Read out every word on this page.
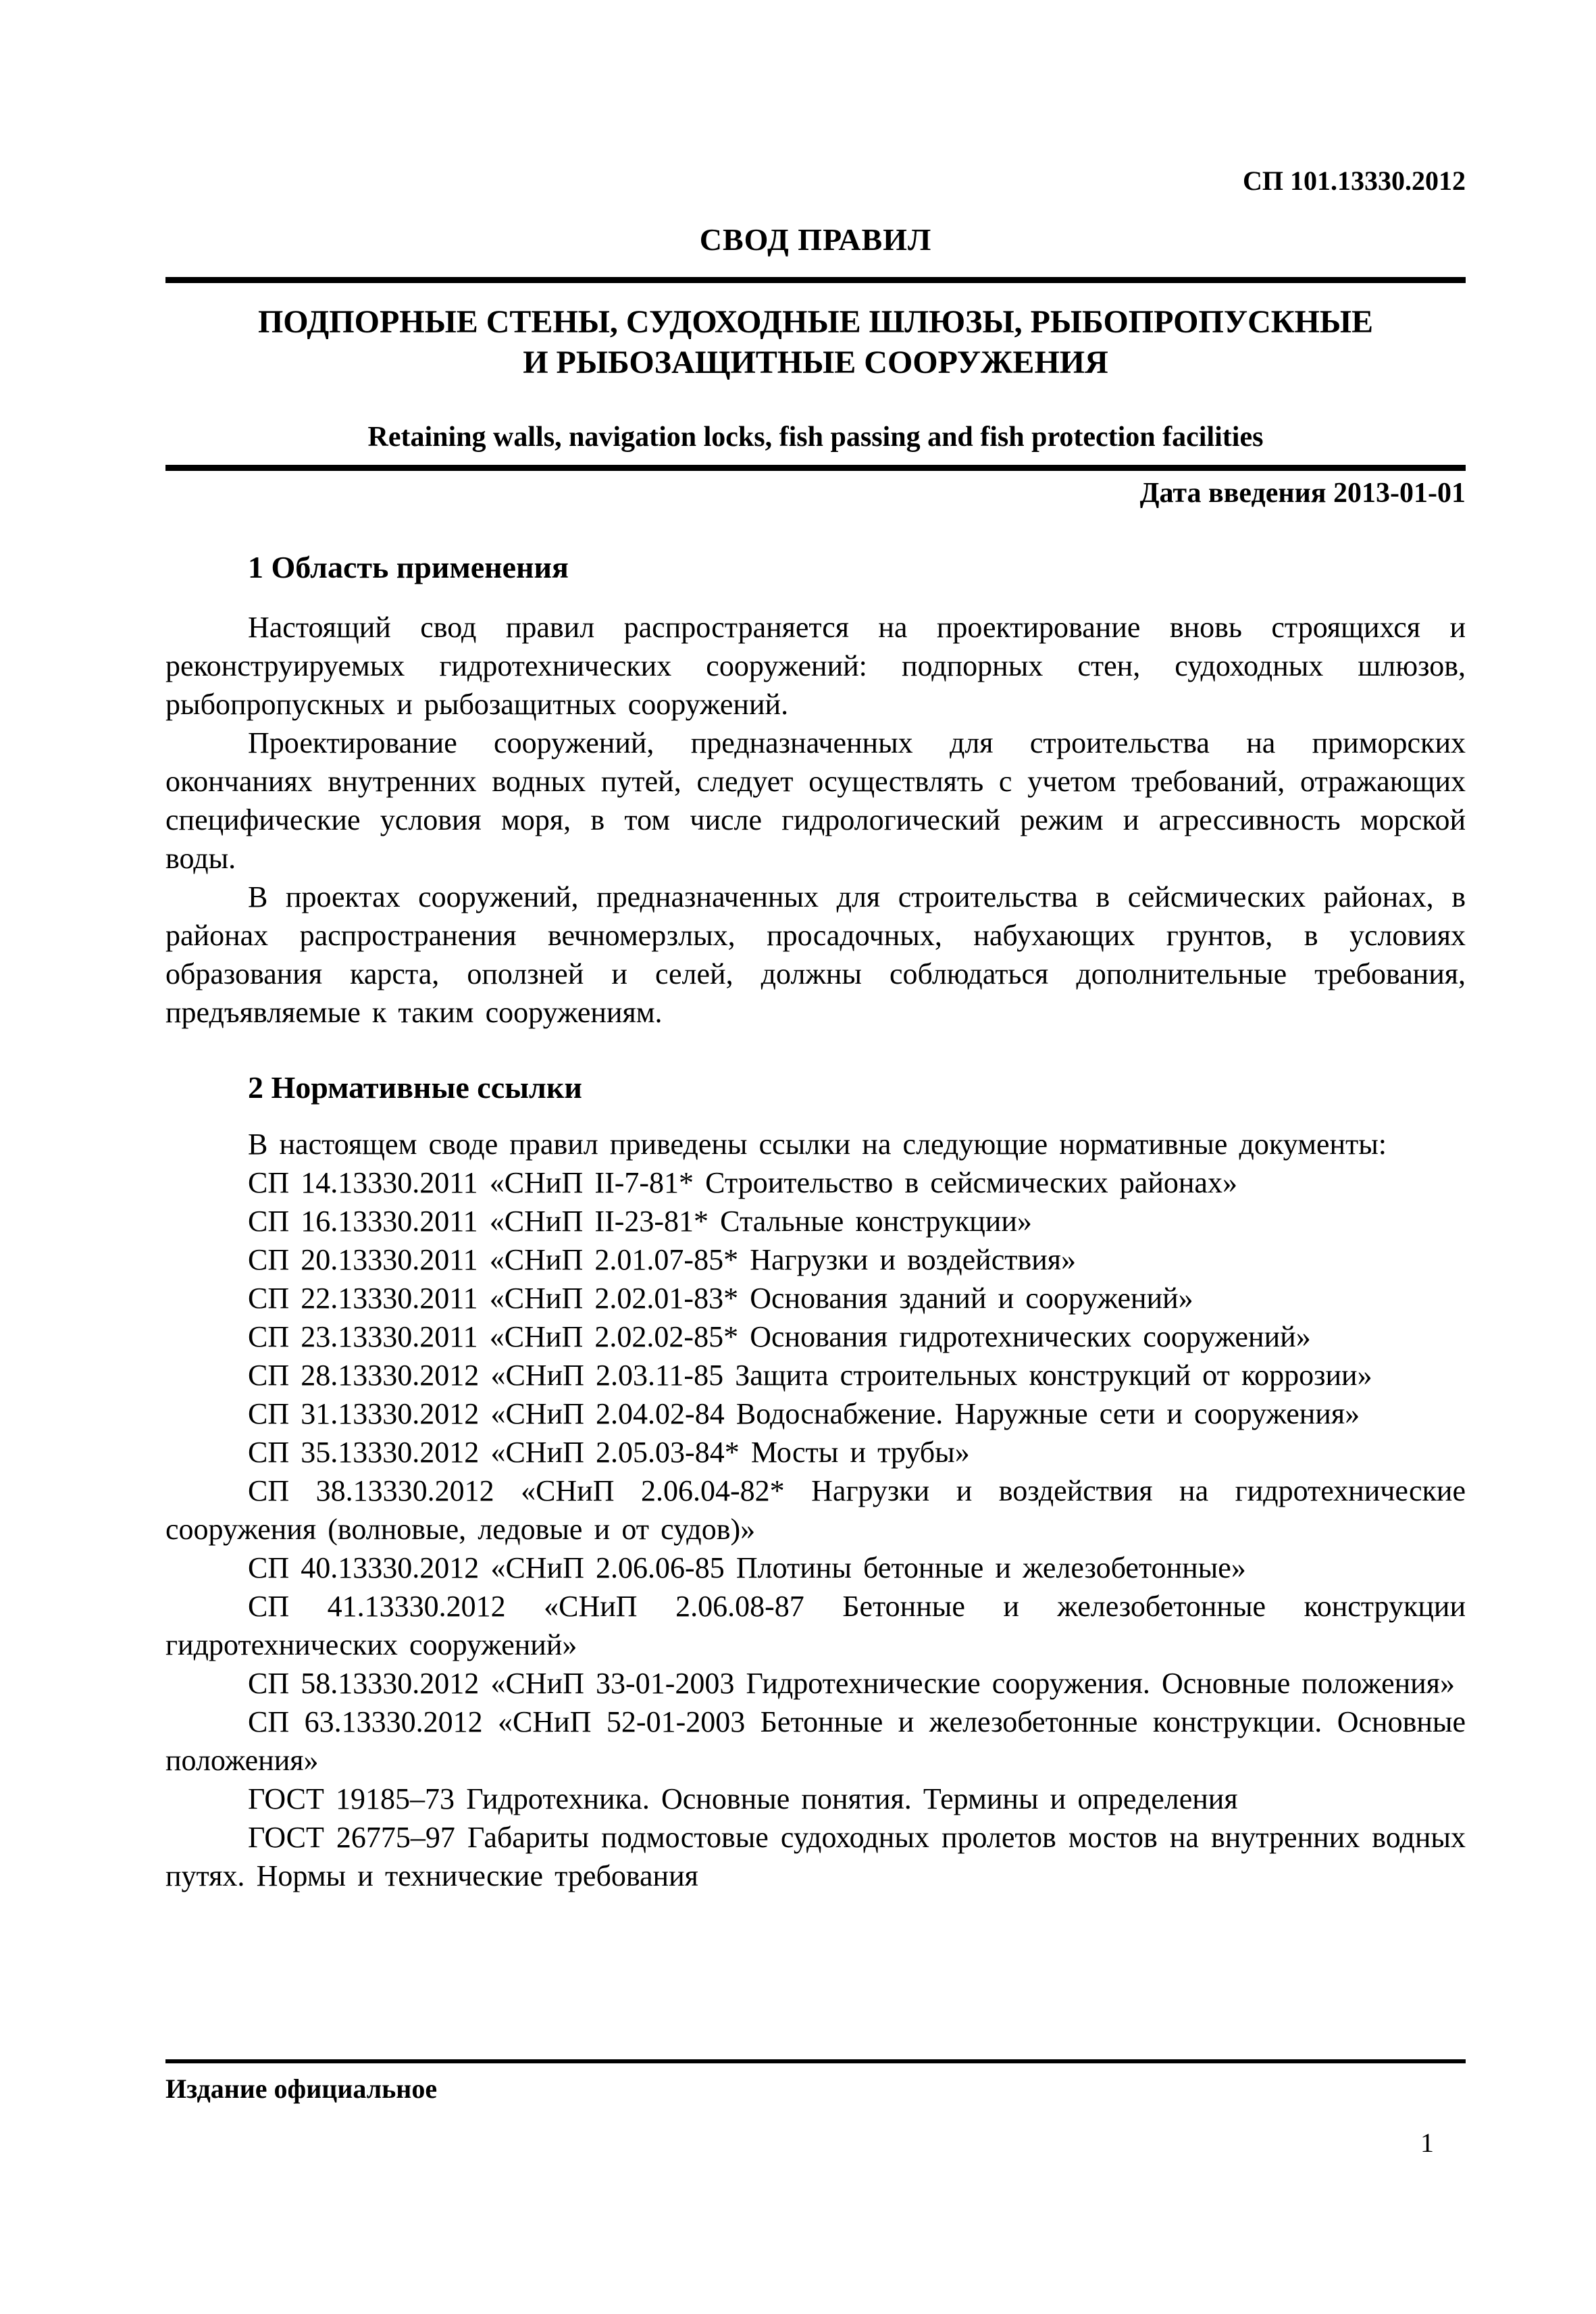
СП 101.13330.2012
СВОД ПРАВИЛ
ПОДПОРНЫЕ СТЕНЫ, СУДОХОДНЫЕ ШЛЮЗЫ, РЫБОПРОПУСКНЫЕ
И РЫБОЗАЩИТНЫЕ СООРУЖЕНИЯ
Retaining walls, navigation locks, fish passing and fish protection facilities
Дата введения 2013-01-01
1 Область применения

Настоящий свод правил распространяется на проектирование вновь строящихся и реконструируемых гидротехнических сооружений: подпорных стен, судоходных шлюзов, рыбопропускных и рыбозащитных сооружений.

Проектирование сооружений, предназначенных для строительства на приморских окончаниях внутренних водных путей, следует осуществлять с учетом требований, отражающих специфические условия моря, в том числе гидрологический режим и агрессивность морской воды.

В проектах сооружений, предназначенных для строительства в сейсмических районах, в районах распространения вечномерзлых, просадочных, набухающих грунтов, в условиях образования карста, оползней и селей, должны соблюдаться дополнительные требования, предъявляемые к таким сооружениям.

2 Нормативные ссылки

В настоящем своде правил приведены ссылки на следующие нормативные документы:

СП 14.13330.2011 «СНиП II-7-81* Строительство в сейсмических районах»

СП 16.13330.2011 «СНиП II-23-81* Стальные конструкции»

СП 20.13330.2011 «СНиП 2.01.07-85* Нагрузки и воздействия»

СП 22.13330.2011 «СНиП 2.02.01-83* Основания зданий и сооружений»

СП 23.13330.2011 «СНиП 2.02.02-85* Основания гидротехнических сооружений»

СП 28.13330.2012 «СНиП 2.03.11-85 Защита строительных конструкций от коррозии»

СП 31.13330.2012 «СНиП 2.04.02-84 Водоснабжение. Наружные сети и сооружения»

СП 35.13330.2012 «СНиП 2.05.03-84* Мосты и трубы»

СП 38.13330.2012 «СНиП 2.06.04-82* Нагрузки и воздействия на гидротехнические сооружения (волновые, ледовые и от судов)»

СП 40.13330.2012 «СНиП 2.06.06-85 Плотины бетонные и железобетонные»

СП 41.13330.2012 «СНиП 2.06.08-87 Бетонные и железобетонные конструкции гидротехнических сооружений»

СП 58.13330.2012 «СНиП 33-01-2003 Гидротехнические сооружения. Основные положения»

СП 63.13330.2012 «СНиП 52-01-2003 Бетонные и железобетонные конструкции. Основные положения»

ГОСТ 19185–73 Гидротехника. Основные понятия. Термины и определения

ГОСТ 26775–97 Габариты подмостовые судоходных пролетов мостов на внутренних водных путях. Нормы и технические требования

Издание официальное
1
